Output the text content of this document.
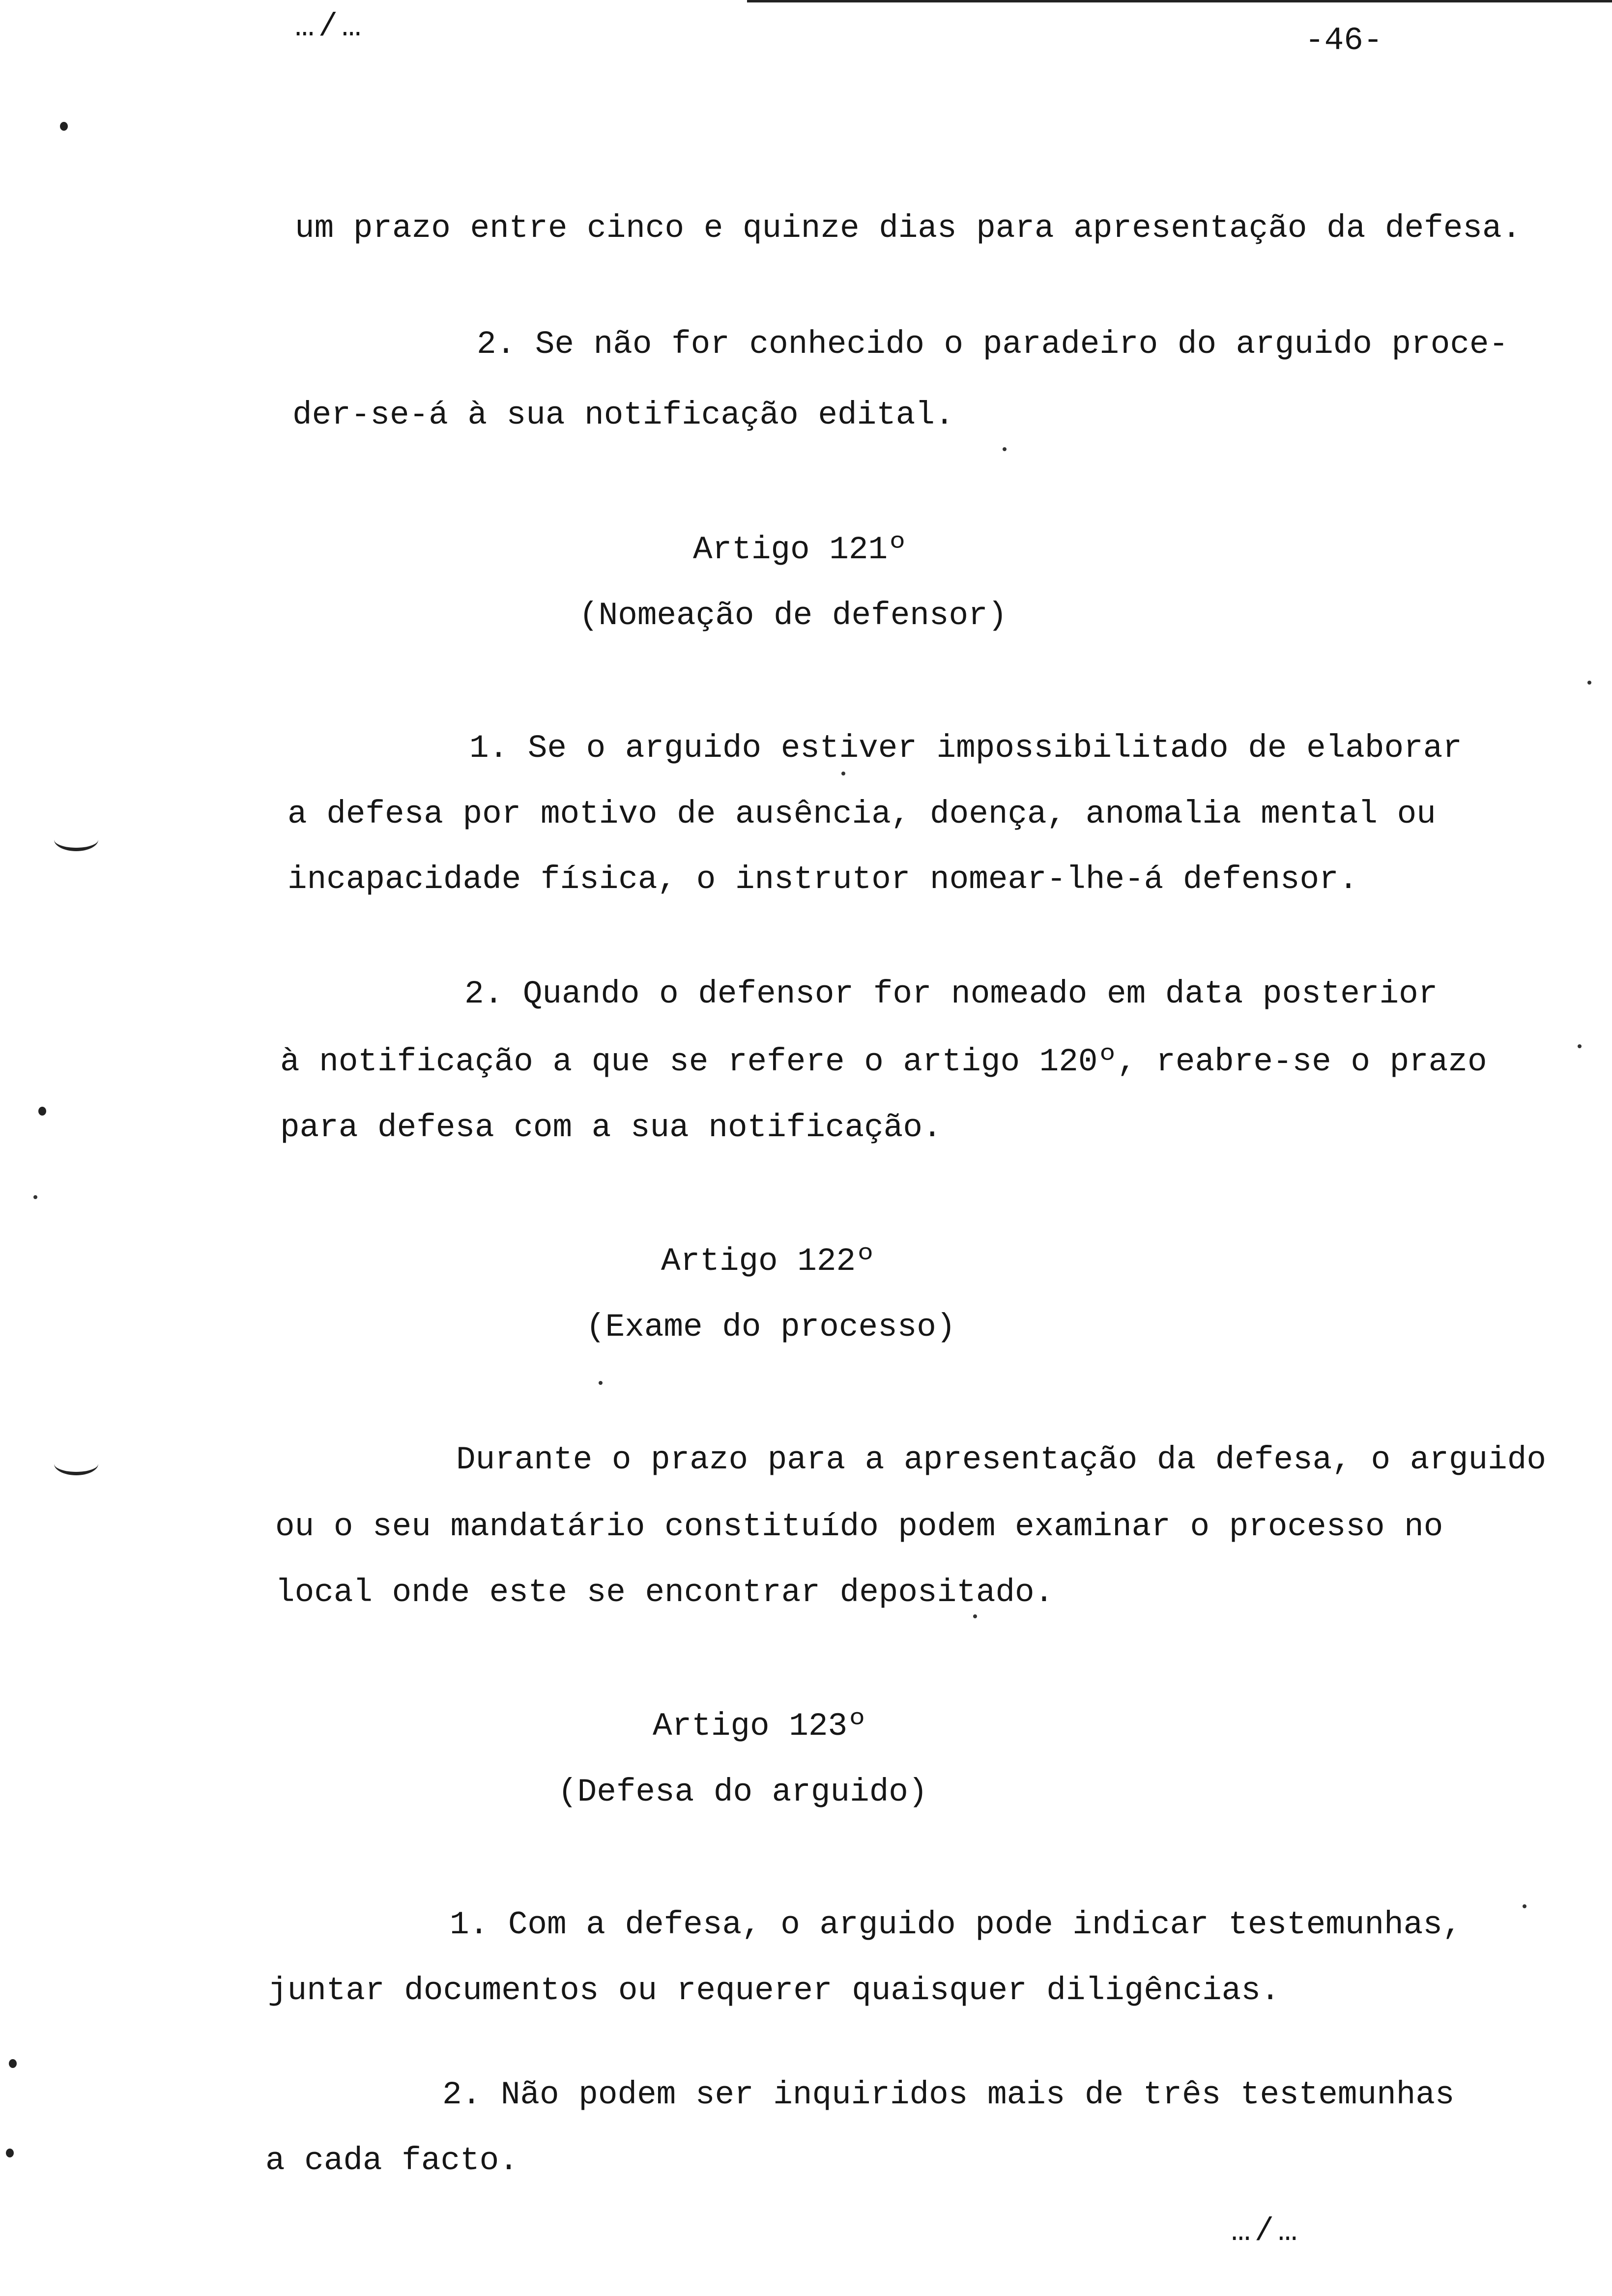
…/…	-46-

um prazo entre cinco e quinze dias para apresentação da defesa.

2. Se não for conhecido o paradeiro do arguido proce-

der-se-á à sua notificação edital.

Artigo 121º

(Nomeação de defensor)

1. Se o arguido estiver impossibilitado de elaborar

a defesa por motivo de ausência, doença, anomalia mental ou

incapacidade física, o instrutor nomear-lhe-á defensor.

2. Quando o defensor for nomeado em data posterior

à notificação a que se refere o artigo 120º, reabre-se o prazo

para defesa com a sua notificação.

Artigo 122º

(Exame do processo)

Durante o prazo para a apresentação da defesa, o arguido

ou o seu mandatário constituído podem examinar o processo no

local onde este se encontrar depositado.

Artigo 123º

(Defesa do arguido)

1. Com a defesa, o arguido pode indicar testemunhas,

juntar documentos ou requerer quaisquer diligências.

2. Não podem ser inquiridos mais de três testemunhas

a cada facto.

…/…
